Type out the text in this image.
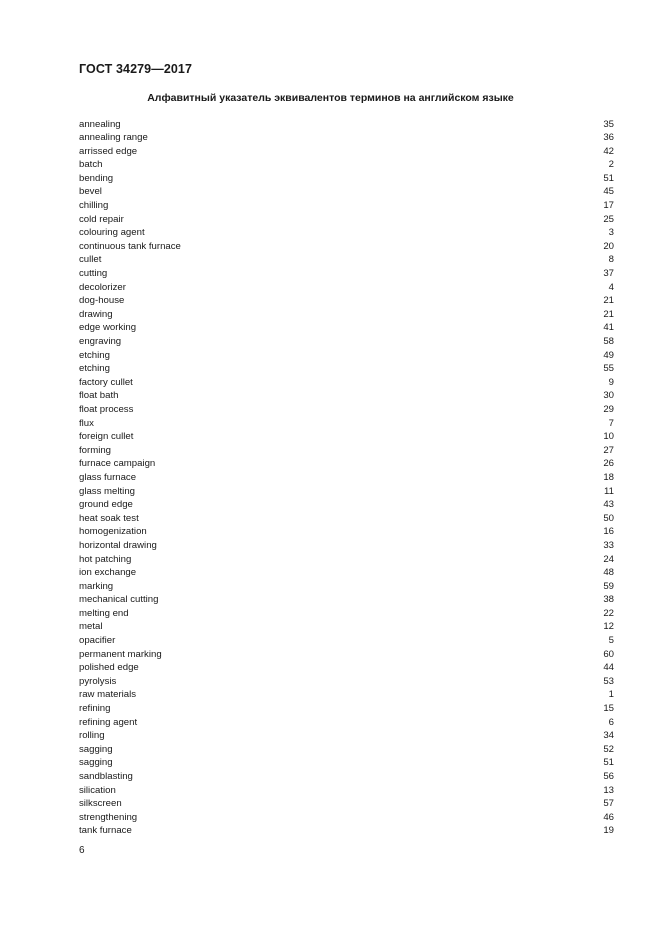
ГОСТ 34279—2017
Алфавитный указатель эквивалентов терминов на английском языке
annealing	35
annealing range	36
arrissed edge	42
batch	2
bending	51
bevel	45
chilling	17
cold repair	25
colouring agent	3
continuous tank furnace	20
cullet	8
cutting	37
decolorizer	4
dog-house	21
drawing	21
edge working	41
engraving	58
etching	49
etching	55
factory cullet	9
float bath	30
float process	29
flux	7
foreign cullet	10
forming	27
furnace campaign	26
glass furnace	18
glass melting	11
ground edge	43
heat soak test	50
homogenization	16
horizontal drawing	33
hot patching	24
ion exchange	48
marking	59
mechanical cutting	38
melting end	22
metal	12
opacifier	5
permanent marking	60
polished edge	44
pyrolysis	53
raw materials	1
refining	15
refining agent	6
rolling	34
sagging	52
sagging	51
sandblasting	56
silication	13
silkscreen	57
strengthening	46
tank furnace	19
6
